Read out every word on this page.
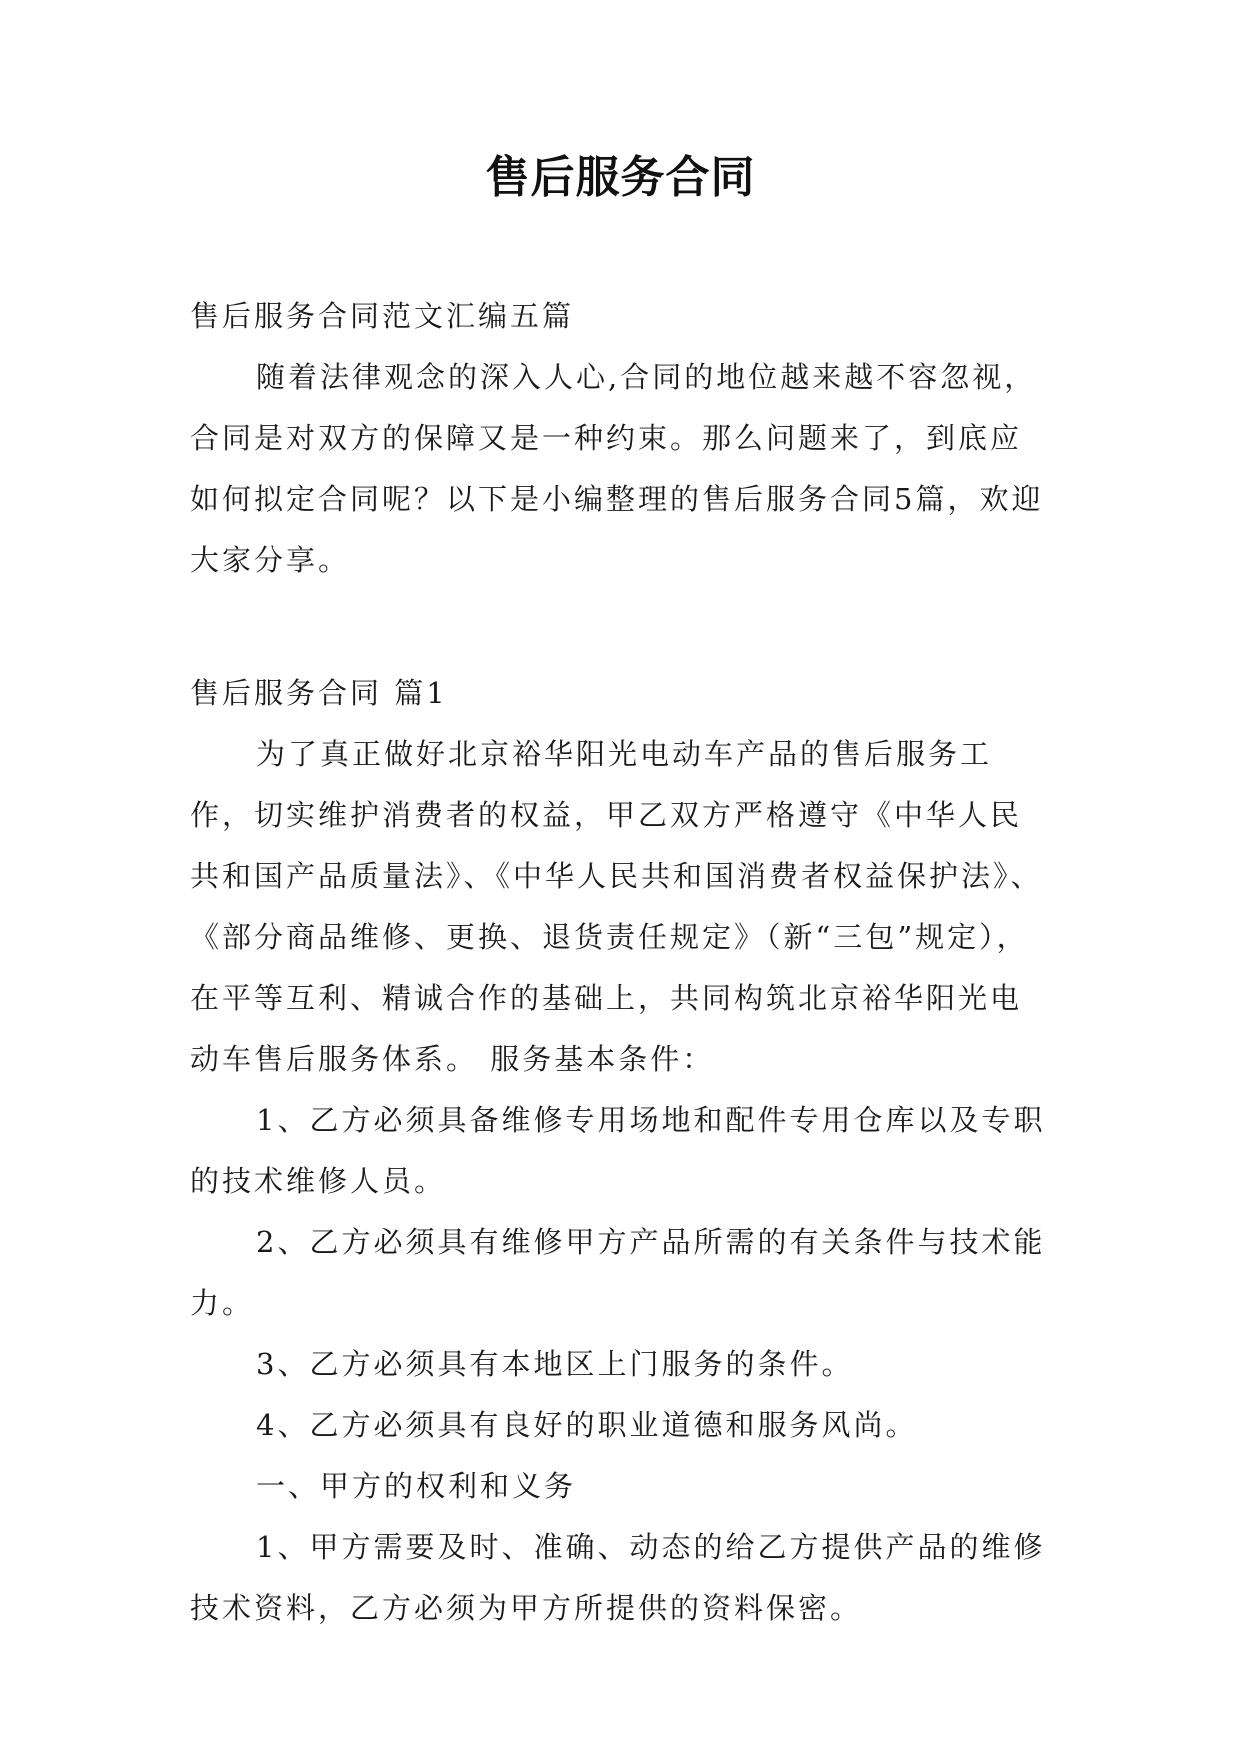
售后服务合同

售后服务合同范文汇编五篇

随着法律观念的深入人心,合同的地位越来越不容忽视，合同是对双方的保障又是一种约束。那么问题来了，到底应如何拟定合同呢？以下是小编整理的售后服务合同5篇，欢迎大家分享。

售后服务合同 篇1

为了真正做好北京裕华阳光电动车产品的售后服务工作，切实维护消费者的权益，甲乙双方严格遵守《中华人民共和国产品质量法》、《中华人民共和国消费者权益保护法》、《部分商品维修、更换、退货责任规定》（新“三包”规定），在平等互利、精诚合作的基础上，共同构筑北京裕华阳光电动车售后服务体系。 服务基本条件：

1、乙方必须具备维修专用场地和配件专用仓库以及专职的技术维修人员。

2、乙方必须具有维修甲方产品所需的有关条件与技术能力。

3、乙方必须具有本地区上门服务的条件。

4、乙方必须具有良好的职业道德和服务风尚。

一、甲方的权利和义务

1、甲方需要及时、准确、动态的给乙方提供产品的维修技术资料，乙方必须为甲方所提供的资料保密。
